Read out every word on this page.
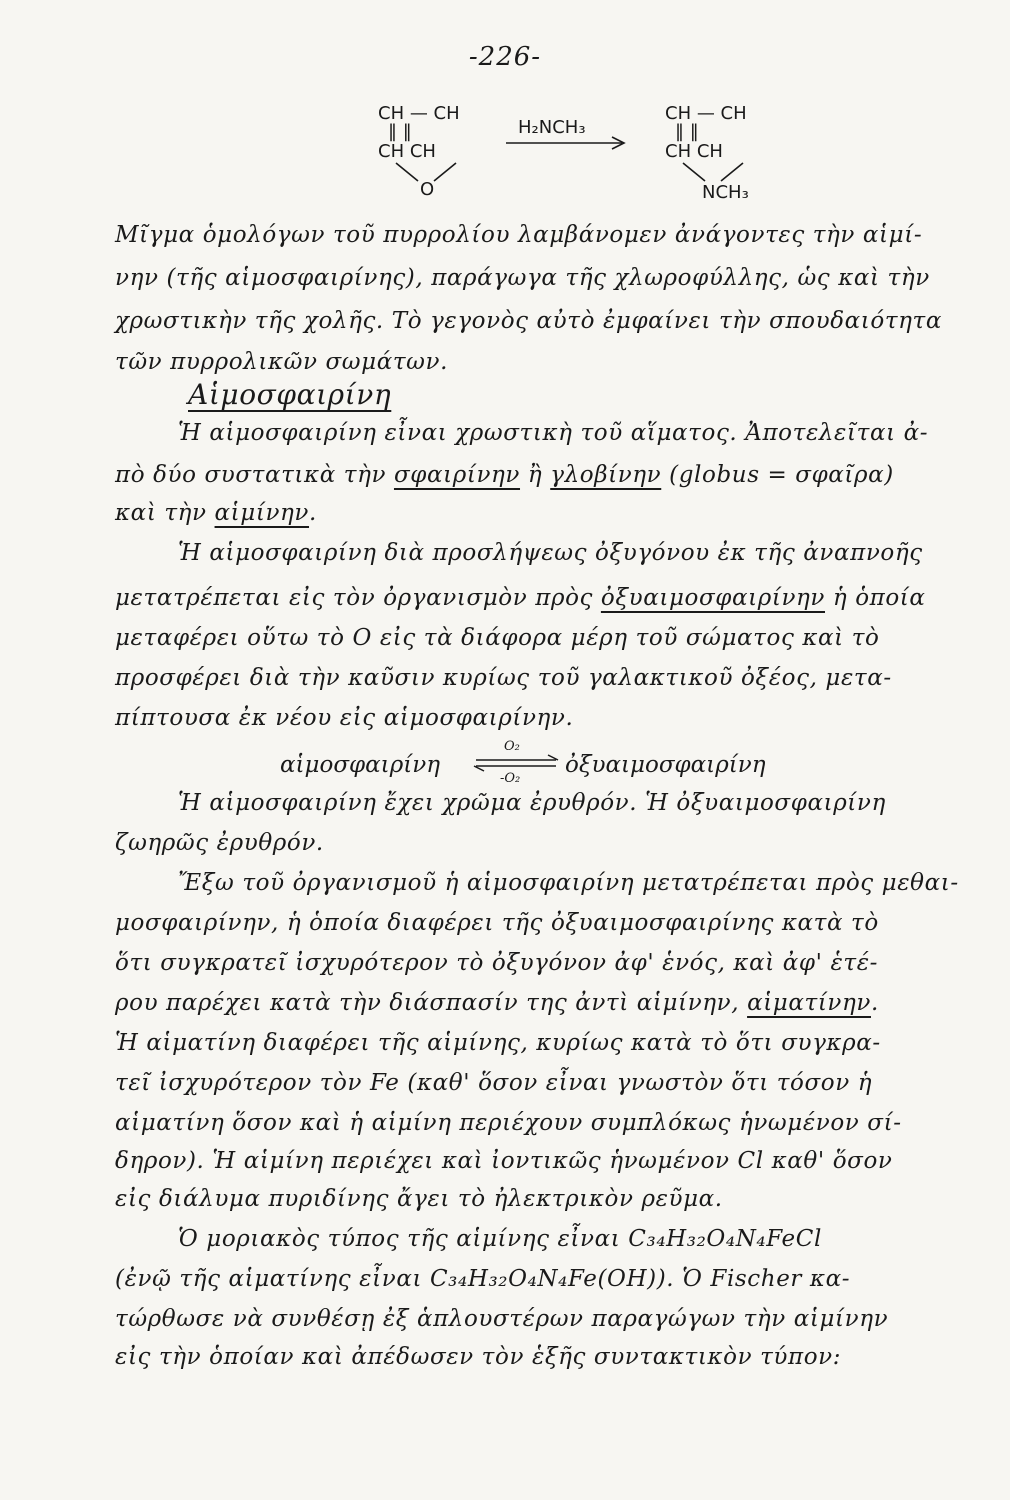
-226-
CH — CH
‖ ‖
CH CH
O
H₂NCH₃
CH — CH
‖ ‖
CH CH
NCH₃
Μῖγμα ὁμολόγων τοῦ πυρρολίου λαμβάνομεν ἀνάγοντες τὴν αἱμί-
νην (τῆς αἱμοσφαιρίνης), παράγωγα τῆς χλωροφύλλης, ὡς καὶ τὴν
χρωστικὴν τῆς χολῆς. Τὸ γεγονὸς αὐτὸ ἐμφαίνει τὴν σπουδαιότητα
τῶν πυρρολικῶν σωμάτων.
Αἱμοσφαιρίνη
Ἡ αἱμοσφαιρίνη εἶναι χρωστικὴ τοῦ αἵματος. Ἀποτελεῖται ἀ-
πὸ δύο συστατικὰ τὴν σφαιρίνην ἢ γλοβίνην (globus = σφαῖρα)
καὶ τὴν αἱμίνην.
Ἡ αἱμοσφαιρίνη διὰ προσλήψεως ὀξυγόνου ἐκ τῆς ἀναπνοῆς
μετατρέπεται εἰς τὸν ὀργανισμὸν πρὸς ὀξυαιμοσφαιρίνην ἡ ὁποία
μεταφέρει οὕτω τὸ O εἰς τὰ διάφορα μέρη τοῦ σώματος καὶ τὸ
προσφέρει διὰ τὴν καῦσιν κυρίως τοῦ γαλακτικοῦ ὀξέος, μετα-
πίπτουσα ἐκ νέου εἰς αἱμοσφαιρίνην.
αἱμοσφαιρίνη
O₂
-O₂
ὀξυαιμοσφαιρίνη
Ἡ αἱμοσφαιρίνη ἔχει χρῶμα ἐρυθρόν. Ἡ ὀξυαιμοσφαιρίνη
ζωηρῶς ἐρυθρόν.
Ἔξω τοῦ ὀργανισμοῦ ἡ αἱμοσφαιρίνη μετατρέπεται πρὸς μεθαι-
μοσφαιρίνην, ἡ ὁποία διαφέρει τῆς ὀξυαιμοσφαιρίνης κατὰ τὸ
ὅτι συγκρατεῖ ἰσχυρότερον τὸ ὀξυγόνον ἀφ' ἑνός, καὶ ἀφ' ἑτέ-
ρου παρέχει κατὰ τὴν διάσπασίν της ἀντὶ αἱμίνην, αἱματίνην.
Ἡ αἱματίνη διαφέρει τῆς αἱμίνης, κυρίως κατὰ τὸ ὅτι συγκρα-
τεῖ ἰσχυρότερον τὸν Fe (καθ' ὅσον εἶναι γνωστὸν ὅτι τόσον ἡ
αἱματίνη ὅσον καὶ ἡ αἱμίνη περιέχουν συμπλόκως ἡνωμένον σί-
δηρον). Ἡ αἱμίνη περιέχει καὶ ἰοντικῶς ἡνωμένον Cl καθ' ὅσον
εἰς διάλυμα πυριδίνης ἄγει τὸ ἠλεκτρικὸν ρεῦμα.
Ὁ μοριακὸς τύπος τῆς αἱμίνης εἶναι C₃₄H₃₂O₄N₄FeCl
(ἐνῷ τῆς αἱματίνης εἶναι C₃₄H₃₂O₄N₄Fe(OH)). Ὁ Fischer κα-
τώρθωσε νὰ συνθέσῃ ἐξ ἁπλουστέρων παραγώγων τὴν αἱμίνην
εἰς τὴν ὁποίαν καὶ ἀπέδωσεν τὸν ἑξῆς συντακτικὸν τύπον:
